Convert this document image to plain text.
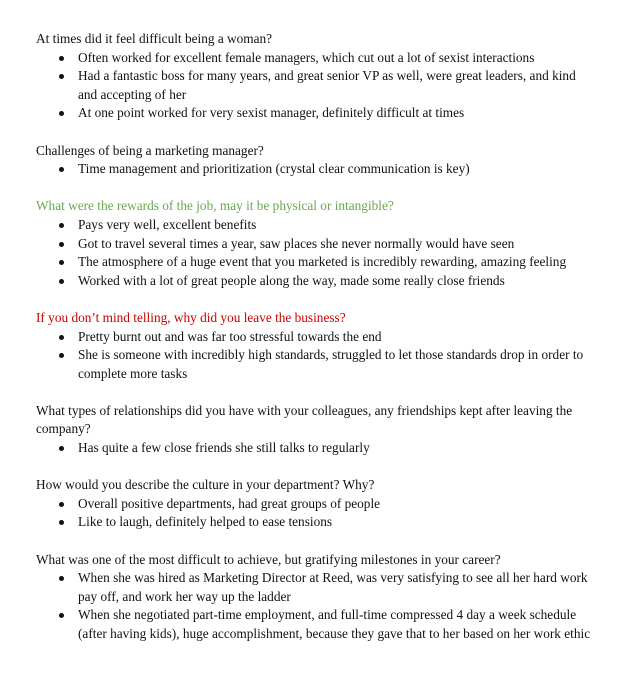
At times did it feel difficult being a woman?

Often worked for excellent female managers, which cut out a lot of sexist interactions
Had a fantastic boss for many years, and great senior VP as well, were great leaders, and kind and accepting of her
At one point worked for very sexist manager, definitely difficult at times

Challenges of being a marketing manager?

Time management and prioritization (crystal clear communication is key)

What were the rewards of the job, may it be physical or intangible?

Pays very well, excellent benefits
Got to travel several times a year, saw places she never normally would have seen
The atmosphere of a huge event that you marketed is incredibly rewarding, amazing feeling
Worked with a lot of great people along the way, made some really close friends

If you don’t mind telling, why did you leave the business?

Pretty burnt out and was far too stressful towards the end
She is someone with incredibly high standards, struggled to let those standards drop in order to complete more tasks

What types of relationships did you have with your colleagues, any friendships kept after leaving the company?

Has quite a few close friends she still talks to regularly

How would you describe the culture in your department? Why?

Overall positive departments, had great groups of people
Like to laugh, definitely helped to ease tensions

What was one of the most difficult to achieve, but gratifying milestones in your career?

When she was hired as Marketing Director at Reed, was very satisfying to see all her hard work pay off, and work her way up the ladder
When she negotiated part-time employment, and full-time compressed 4 day a week schedule (after having kids), huge accomplishment, because they gave that to her based on her work ethic
